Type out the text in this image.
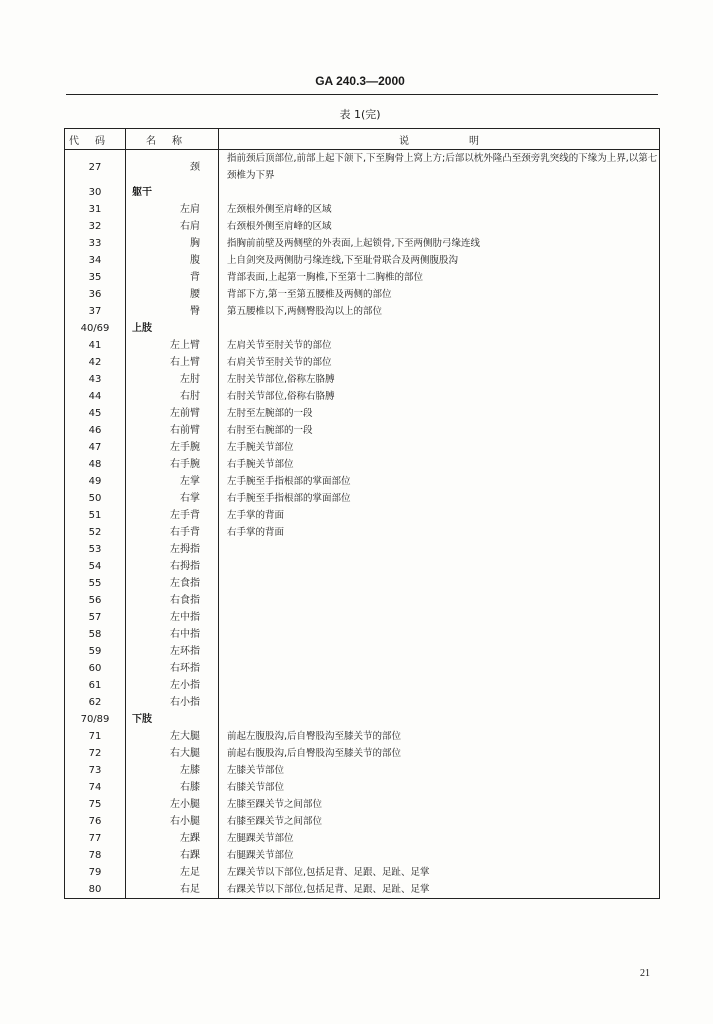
GA 240.3—2000
表 1(完)
代码	名称	说明
27	颈	指前颈后顶部位,前部上起下颌下,下至胸骨上窝上方;后部以枕外隆凸至颈旁乳突线的下缘为上界,以第七颈椎为下界
30	躯干	
31	左肩	左颈根外侧至肩峰的区域
32	右肩	右颈根外侧至肩峰的区域
33	胸	指胸前前壁及两侧壁的外表面,上起锁骨,下至两侧肋弓缘连线
34	腹	上自剑突及两侧肋弓缘连线,下至耻骨联合及两侧腹股沟
35	背	背部表面,上起第一胸椎,下至第十二胸椎的部位
36	腰	背部下方,第一至第五腰椎及两侧的部位
37	臀	第五腰椎以下,两侧臀股沟以上的部位
40/69	上肢	
41	左上臂	左肩关节至肘关节的部位
42	右上臂	右肩关节至肘关节的部位
43	左肘	左肘关节部位,俗称左胳膊
44	右肘	右肘关节部位,俗称右胳膊
45	左前臂	左肘至左腕部的一段
46	右前臂	右肘至右腕部的一段
47	左手腕	左手腕关节部位
48	右手腕	右手腕关节部位
49	左掌	左手腕至手指根部的掌面部位
50	右掌	右手腕至手指根部的掌面部位
51	左手背	左手掌的背面
52	右手背	右手掌的背面
53	左拇指	
54	右拇指	
55	左食指	
56	右食指	
57	左中指	
58	右中指	
59	左环指	
60	右环指	
61	左小指	
62	右小指	
70/89	下肢	
71	左大腿	前起左腹股沟,后自臀股沟至膝关节的部位
72	右大腿	前起右腹股沟,后自臀股沟至膝关节的部位
73	左膝	左膝关节部位
74	右膝	右膝关节部位
75	左小腿	左膝至踝关节之间部位
76	右小腿	右膝至踝关节之间部位
77	左踝	左腿踝关节部位
78	右踝	右腿踝关节部位
79	左足	左踝关节以下部位,包括足背、足跟、足趾、足掌
80	右足	右踝关节以下部位,包括足背、足跟、足趾、足掌
21
